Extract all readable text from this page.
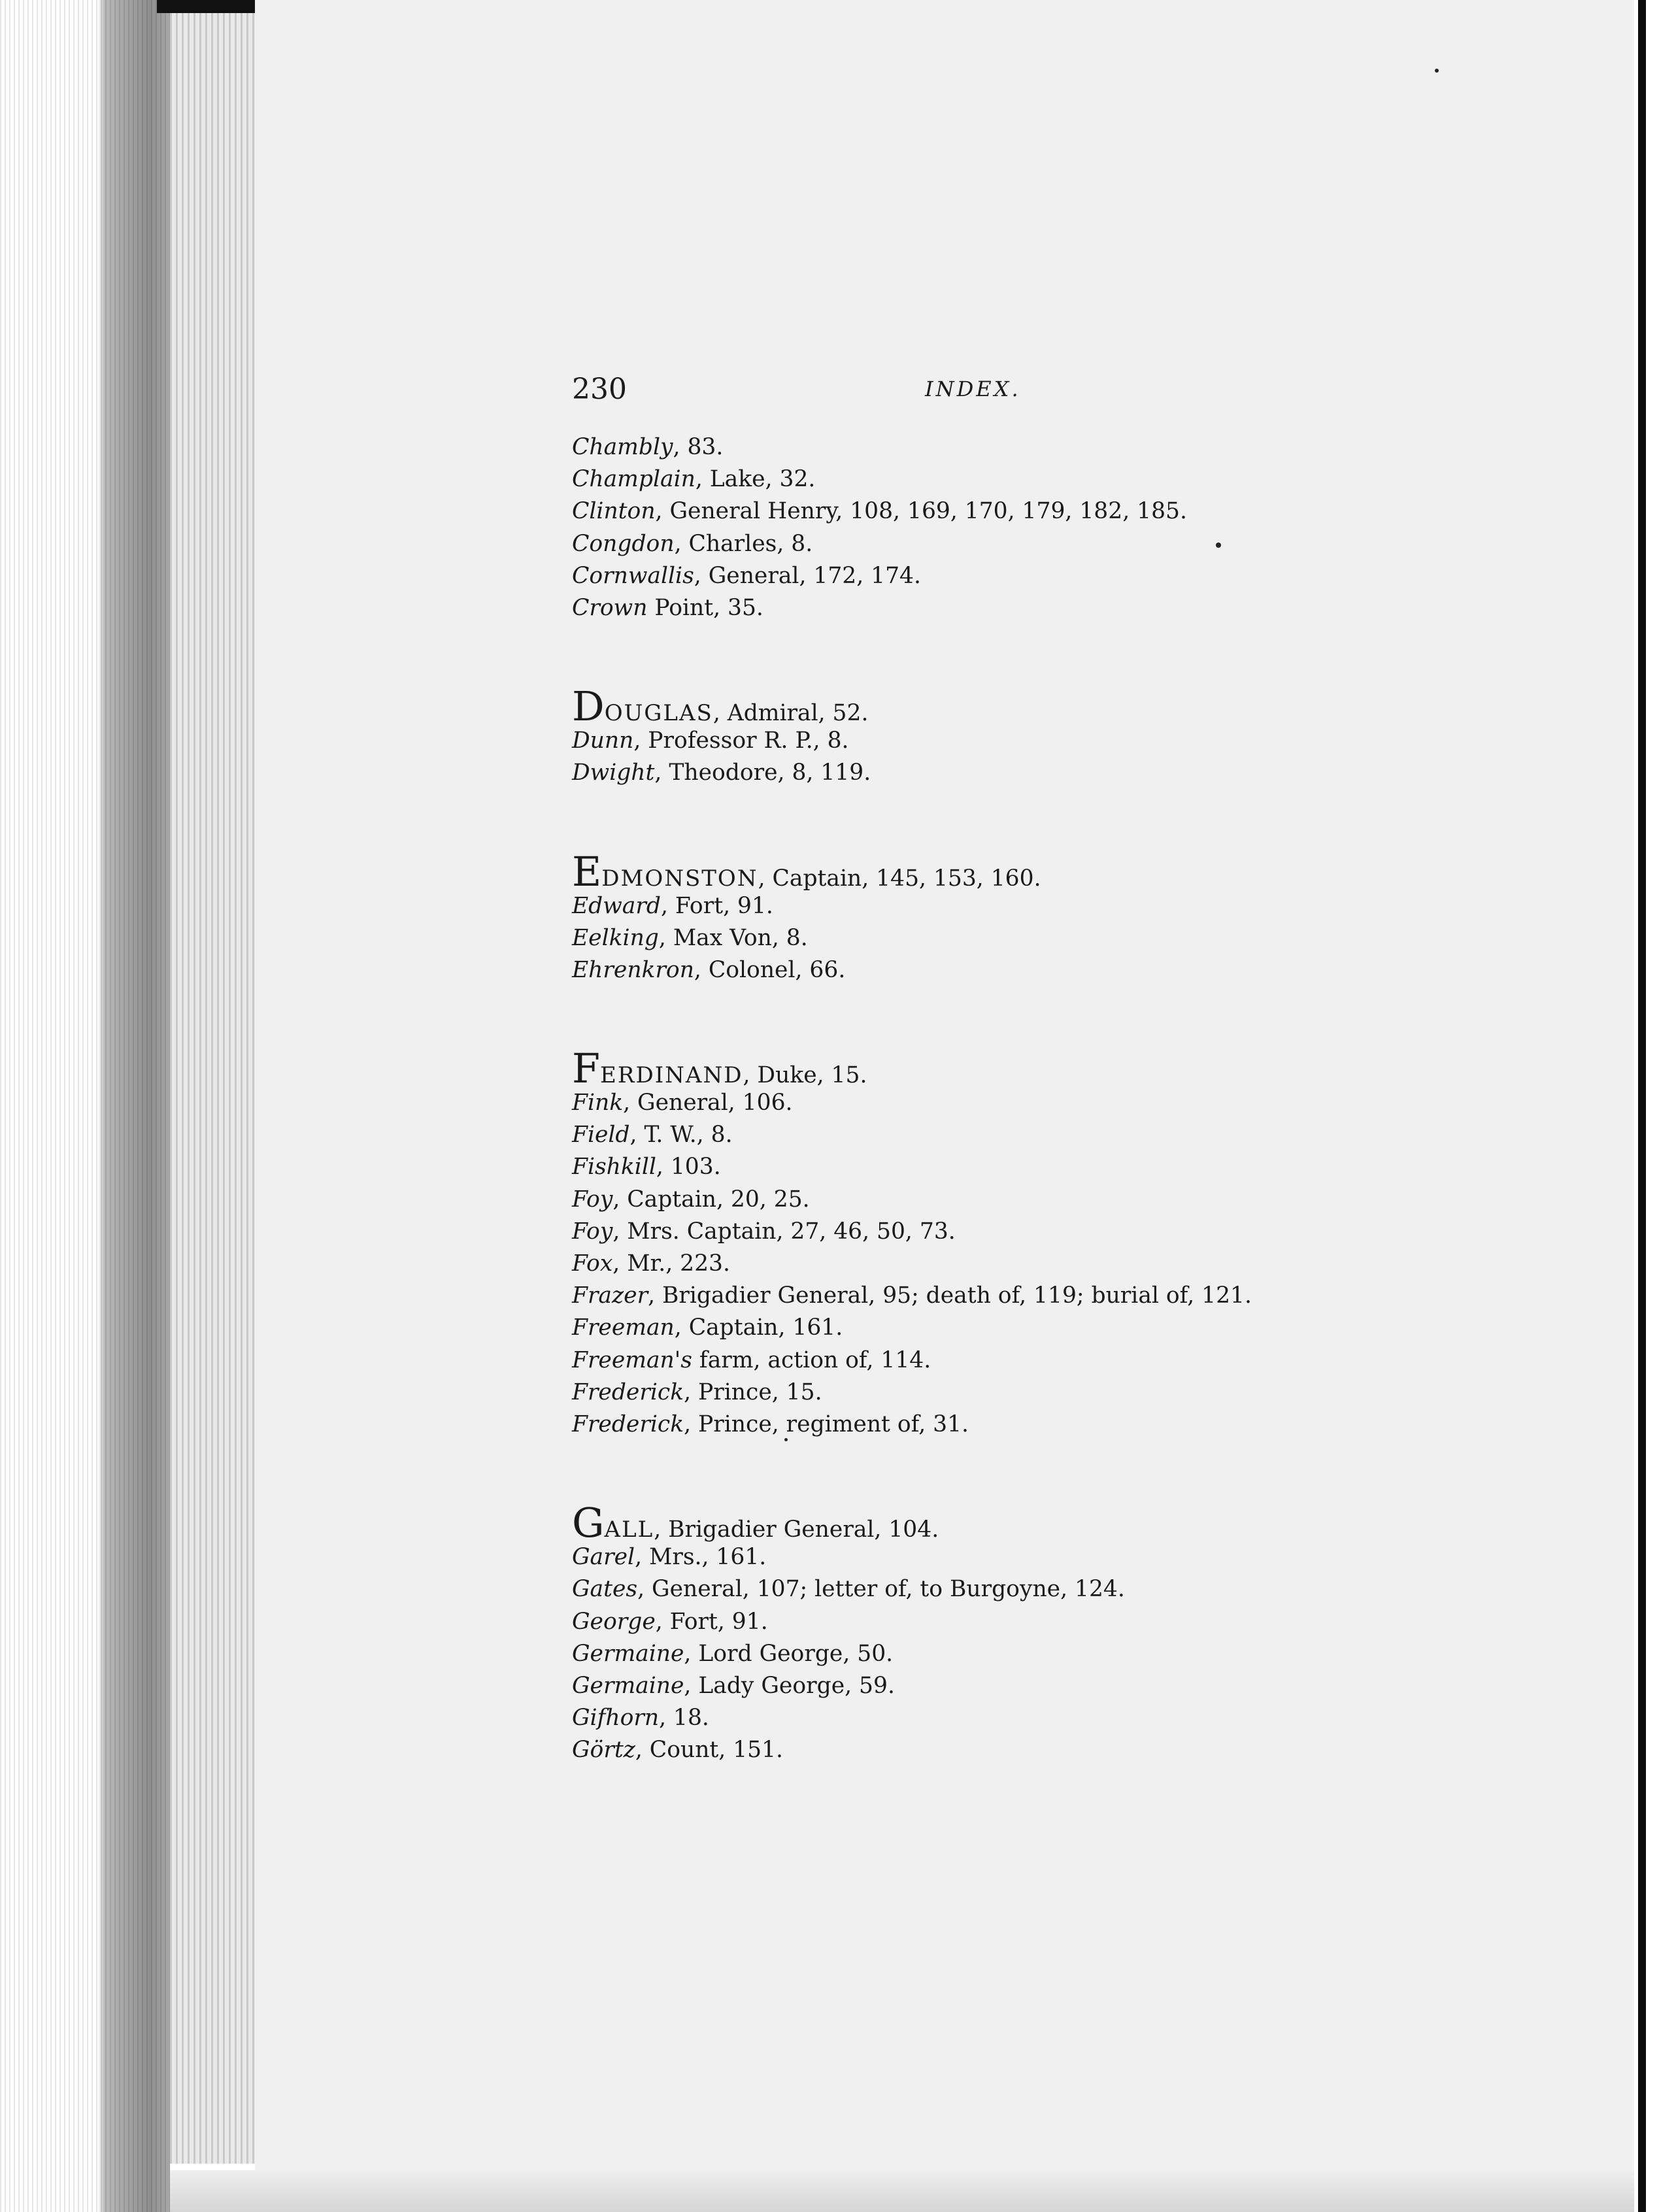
230	INDEX.
Chambly, 83.
Champlain, Lake, 32.
Clinton, General Henry, 108, 169, 170, 179, 182, 185.
Congdon, Charles, 8.
Cornwallis, General, 172, 174.
Crown Point, 35.
DOUGLAS, Admiral, 52.
Dunn, Professor R. P., 8.
Dwight, Theodore, 8, 119.
EDMONSTON, Captain, 145, 153, 160.
Edward, Fort, 91.
Eelking, Max Von, 8.
Ehrenkron, Colonel, 66.
FERDINAND, Duke, 15.
Fink, General, 106.
Field, T. W., 8.
Fishkill, 103.
Foy, Captain, 20, 25.
Foy, Mrs. Captain, 27, 46, 50, 73.
Fox, Mr., 223.
Frazer, Brigadier General, 95; death of, 119; burial of, 121.
Freeman, Captain, 161.
Freeman's farm, action of, 114.
Frederick, Prince, 15.
Frederick, Prince, regiment of, 31.
GALL, Brigadier General, 104.
Garel, Mrs., 161.
Gates, General, 107; letter of, to Burgoyne, 124.
George, Fort, 91.
Germaine, Lord George, 50.
Germaine, Lady George, 59.
Gifhorn, 18.
Görtz, Count, 151.
